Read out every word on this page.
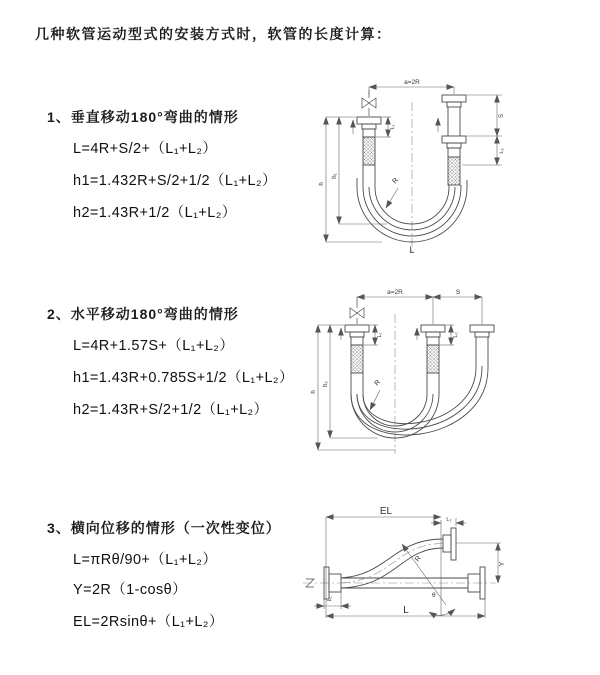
几种软管运动型式的安装方式时，软管的长度计算：
1、垂直移动180°弯曲的情形
L=4R+S/2+（L₁+L₂）
h1=1.432R+S/2+1/2（L₁+L₂）
h2=1.43R+1/2（L₁+L₂）
2、水平移动180°弯曲的情形
L=4R+1.57S+（L₁+L₂）
h1=1.43R+0.785S+1/2（L₁+L₂）
h2=1.43R+S/2+1/2（L₁+L₂）
3、横向位移的情形（一次性变位）
L=πRθ/90+（L₁+L₂）
Y=2R（1-cosθ）
EL=2Rsinθ+（L₁+L₂）
a=2R
h
h₁
L₁
S
L₂
R
L
a=2R	S
h
h₂
L₁	L₂
R
θ
R
EL
L₂
Y
L
L₁
